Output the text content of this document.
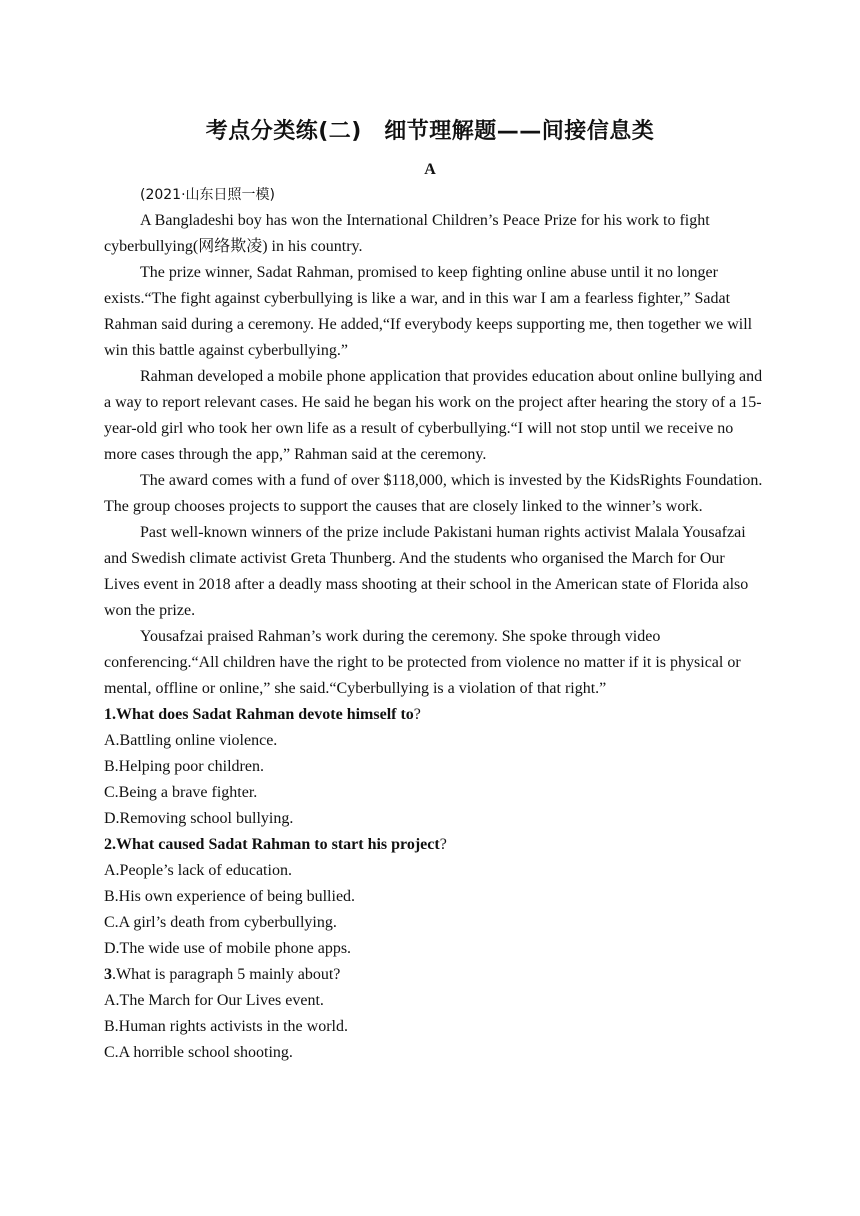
考点分类练(二)　细节理解题——间接信息类
A

(2021·山东日照一模)

A Bangladeshi boy has won the International Children’s Peace Prize for his work to fight cyberbullying(网络欺凌) in his country.

The prize winner, Sadat Rahman, promised to keep fighting online abuse until it no longer exists.“The fight against cyberbullying is like a war, and in this war I am a fearless fighter,” Sadat Rahman said during a ceremony. He added,“If everybody keeps supporting me, then together we will win this battle against cyberbullying.”

Rahman developed a mobile phone application that provides education about online bullying and a way to report relevant cases. He said he began his work on the project after hearing the story of a 15-year-old girl who took her own life as a result of cyberbullying.“I will not stop until we receive no more cases through the app,” Rahman said at the ceremony.

The award comes with a fund of over $118,000, which is invested by the KidsRights Foundation. The group chooses projects to support the causes that are closely linked to the winner’s work.

Past well-known winners of the prize include Pakistani human rights activist Malala Yousafzai and Swedish climate activist Greta Thunberg. And the students who organised the March for Our Lives event in 2018 after a deadly mass shooting at their school in the American state of Florida also won the prize.

Yousafzai praised Rahman’s work during the ceremony. She spoke through video conferencing.“All children have the right to be protected from violence no matter if it is physical or mental, offline or online,” she said.“Cyberbullying is a violation of that right.”

1.What does Sadat Rahman devote himself to?

A.Battling online violence.

B.Helping poor children.

C.Being a brave fighter.

D.Removing school bullying.

2.What caused Sadat Rahman to start his project?

A.People’s lack of education.

B.His own experience of being bullied.

C.A girl’s death from cyberbullying.

D.The wide use of mobile phone apps.

3.What is paragraph 5 mainly about?

A.The March for Our Lives event.

B.Human rights activists in the world.

C.A horrible school shooting.
